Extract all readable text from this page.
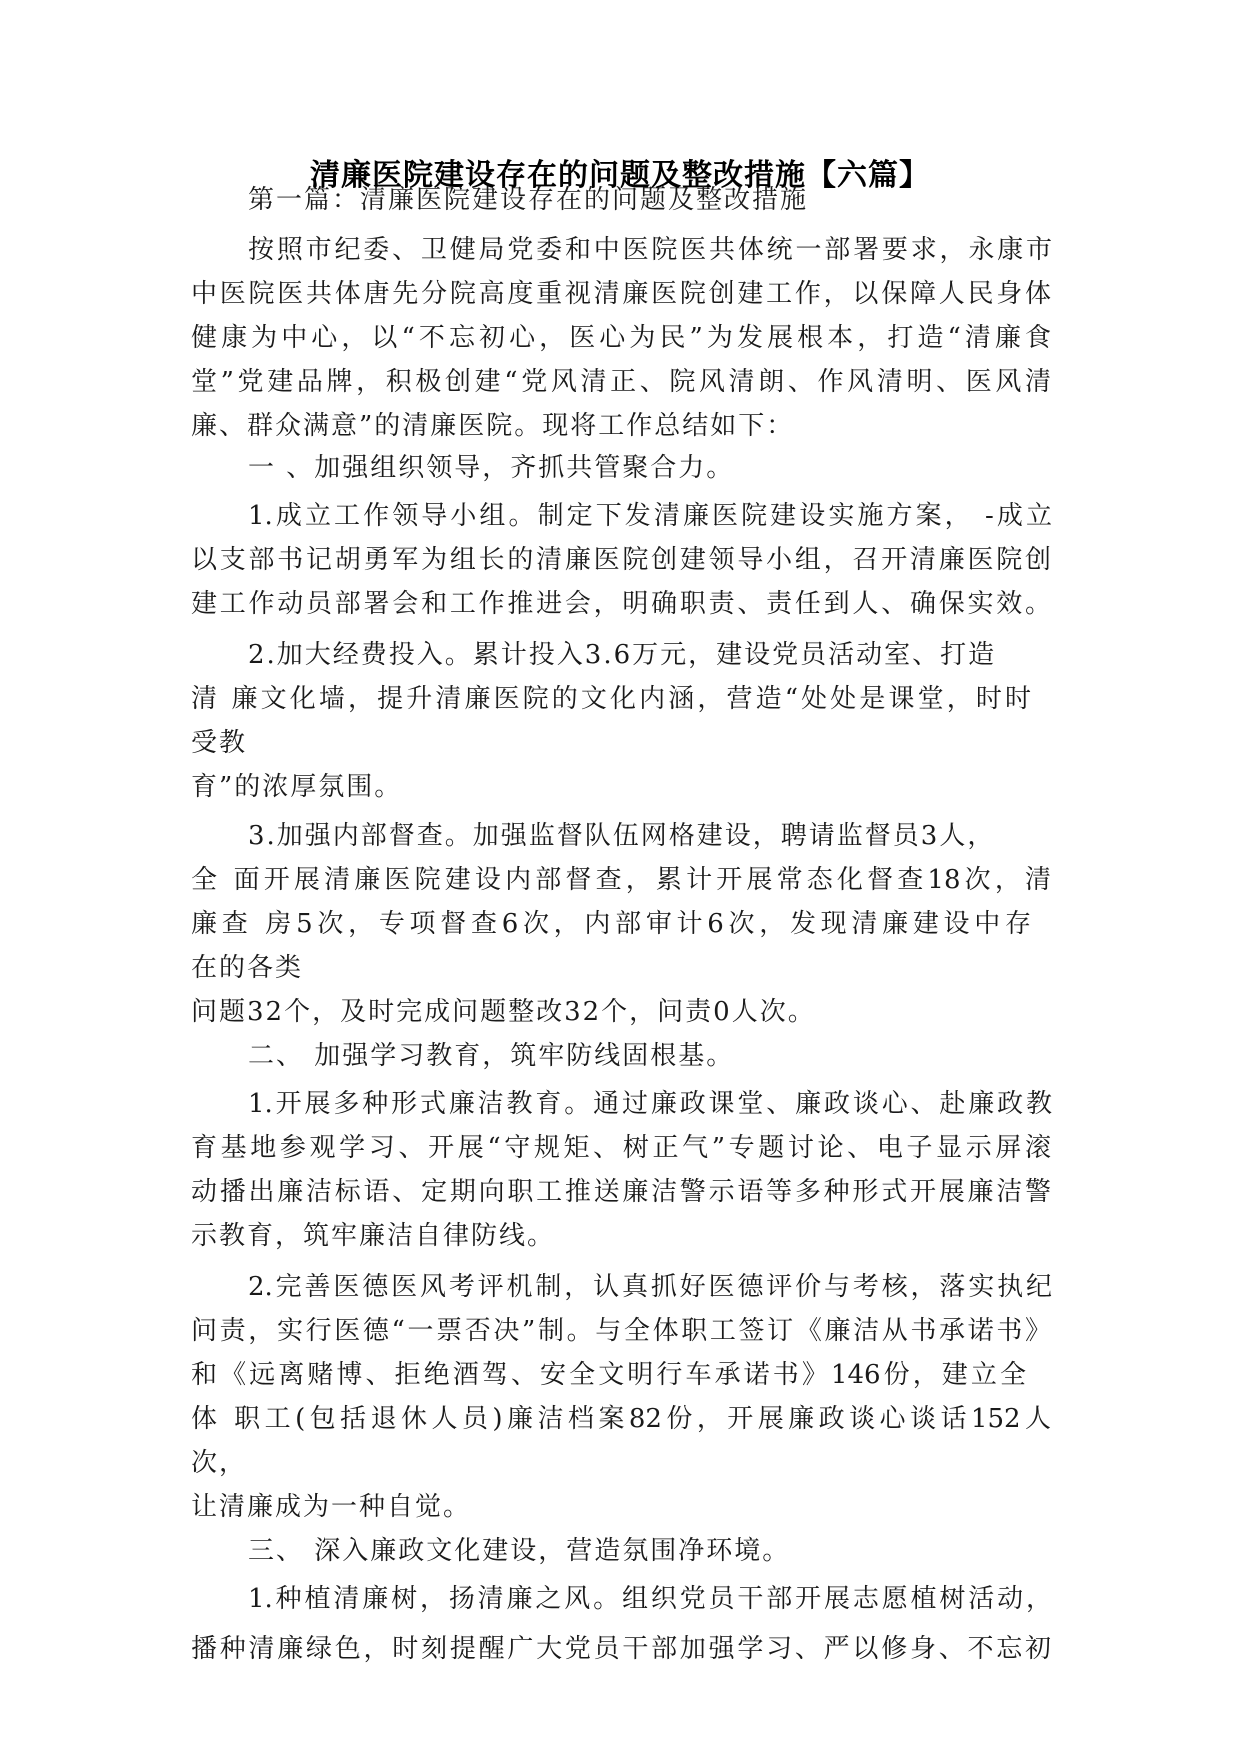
清廉医院建设存在的问题及整改措施【六篇】

第一篇：清廉医院建设存在的问题及整改措施

按照市纪委、卫健局党委和中医院医共体统一部署要求，永康市

中医院医共体唐先分院高度重视清廉医院创建工作，以保障人民身体

健康为中心，以“不忘初心，医心为民”为发展根本，打造“清廉食

堂”党建品牌，积极创建“党风清正、院风清朗、作风清明、医风清

廉、群众满意”的清廉医院。现将工作总结如下：

一 、加强组织领导，齐抓共管聚合力。

1.成立工作领导小组。制定下发清廉医院建设实施方案， -成立

以支部书记胡勇军为组长的清廉医院创建领导小组，召开清廉医院创

建工作动员部署会和工作推进会，明确职责、责任到人、确保实效。

2.加大经费投入。累计投入3.6万元，建设党员活动室、打造

清 廉文化墙，提升清廉医院的文化内涵，营造“处处是课堂，时时

受教

育”的浓厚氛围。

3.加强内部督查。加强监督队伍网格建设，聘请监督员3人，

全 面开展清廉医院建设内部督查，累计开展常态化督查18次，清

廉查 房5次，专项督查6次，内部审计6次，发现清廉建设中存

在的各类

问题32个，及时完成问题整改32个，问责0人次。

二、 加强学习教育，筑牢防线固根基。

1.开展多种形式廉洁教育。通过廉政课堂、廉政谈心、赴廉政教

育基地参观学习、开展“守规矩、树正气”专题讨论、电子显示屏滚

动播出廉洁标语、定期向职工推送廉洁警示语等多种形式开展廉洁警

示教育，筑牢廉洁自律防线。

2.完善医德医风考评机制，认真抓好医德评价与考核，落实执纪

问责，实行医德“一票否决”制。与全体职工签订《廉洁从书承诺书》

和《远离赌博、拒绝酒驾、安全文明行车承诺书》146份，建立全

体 职工(包括退休人员)廉洁档案82份，开展廉政谈心谈话152人

次，

让清廉成为一种自觉。

三、 深入廉政文化建设，营造氛围净环境。

1.种植清廉树，扬清廉之风。组织党员干部开展志愿植树活动，

播种清廉绿色，时刻提醒广大党员干部加强学习、严以修身、不忘初
